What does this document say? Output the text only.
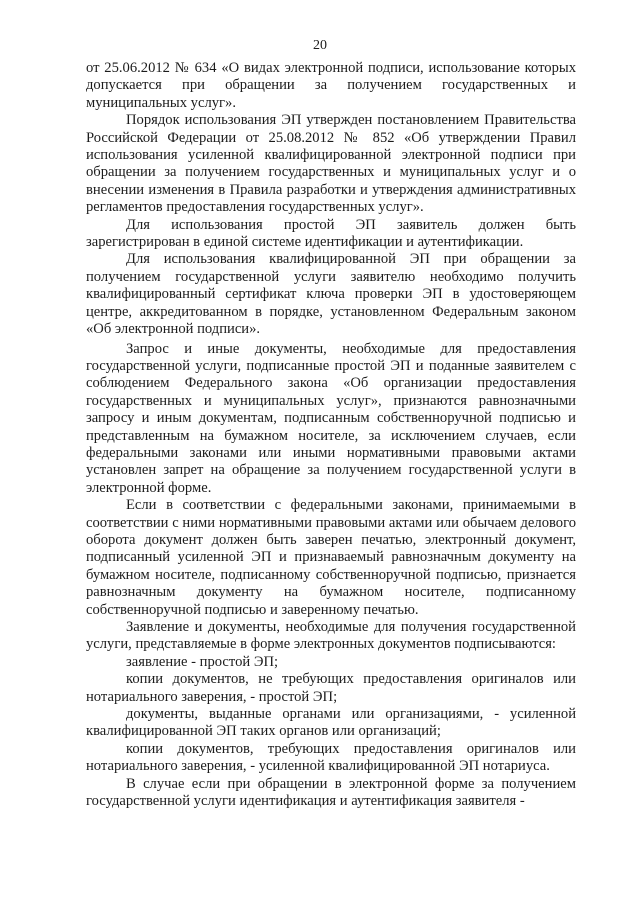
20

от 25.06.2012 № 634 «О видах электронной подписи, использование которых допускается при обращении за получением государственных и муниципальных услуг».

Порядок использования ЭП утвержден постановлением Правительства Российской Федерации от 25.08.2012 № 852 «Об утверждении Правил использования усиленной квалифицированной электронной подписи при обращении за получением государственных и муниципальных услуг и о внесении изменения в Правила разработки и утверждения административных регламентов предоставления государственных услуг».

Для использования простой ЭП заявитель должен быть зарегистрирован в единой системе идентификации и аутентификации.

Для использования квалифицированной ЭП при обращении за получением государственной услуги заявителю необходимо получить квалифицированный сертификат ключа проверки ЭП в удостоверяющем центре, аккредитованном в порядке, установленном Федеральным законом «Об электронной подписи».

Запрос и иные документы, необходимые для предоставления государственной услуги, подписанные простой ЭП и поданные заявителем с соблюдением Федерального закона «Об организации предоставления государственных и муниципальных услуг», признаются равнозначными запросу и иным документам, подписанным собственноручной подписью и представленным на бумажном носителе, за исключением случаев, если федеральными законами или иными нормативными правовыми актами установлен запрет на обращение за получением государственной услуги в электронной форме.

Если в соответствии с федеральными законами, принимаемыми в соответствии с ними нормативными правовыми актами или обычаем делового оборота документ должен быть заверен печатью, электронный документ, подписанный усиленной ЭП и признаваемый равнозначным документу на бумажном носителе, подписанному собственноручной подписью, признается равнозначным документу на бумажном носителе, подписанному собственноручной подписью и заверенному печатью.

Заявление и документы, необходимые для получения государственной услуги, представляемые в форме электронных документов подписываются:

заявление - простой ЭП;

копии документов, не требующих предоставления оригиналов или нотариального заверения, - простой ЭП;

документы, выданные органами или организациями, - усиленной квалифицированной ЭП таких органов или организаций;

копии документов, требующих предоставления оригиналов или нотариального заверения, - усиленной квалифицированной ЭП нотариуса.

В случае если при обращении в электронной форме за получением государственной услуги идентификация и аутентификация заявителя -
